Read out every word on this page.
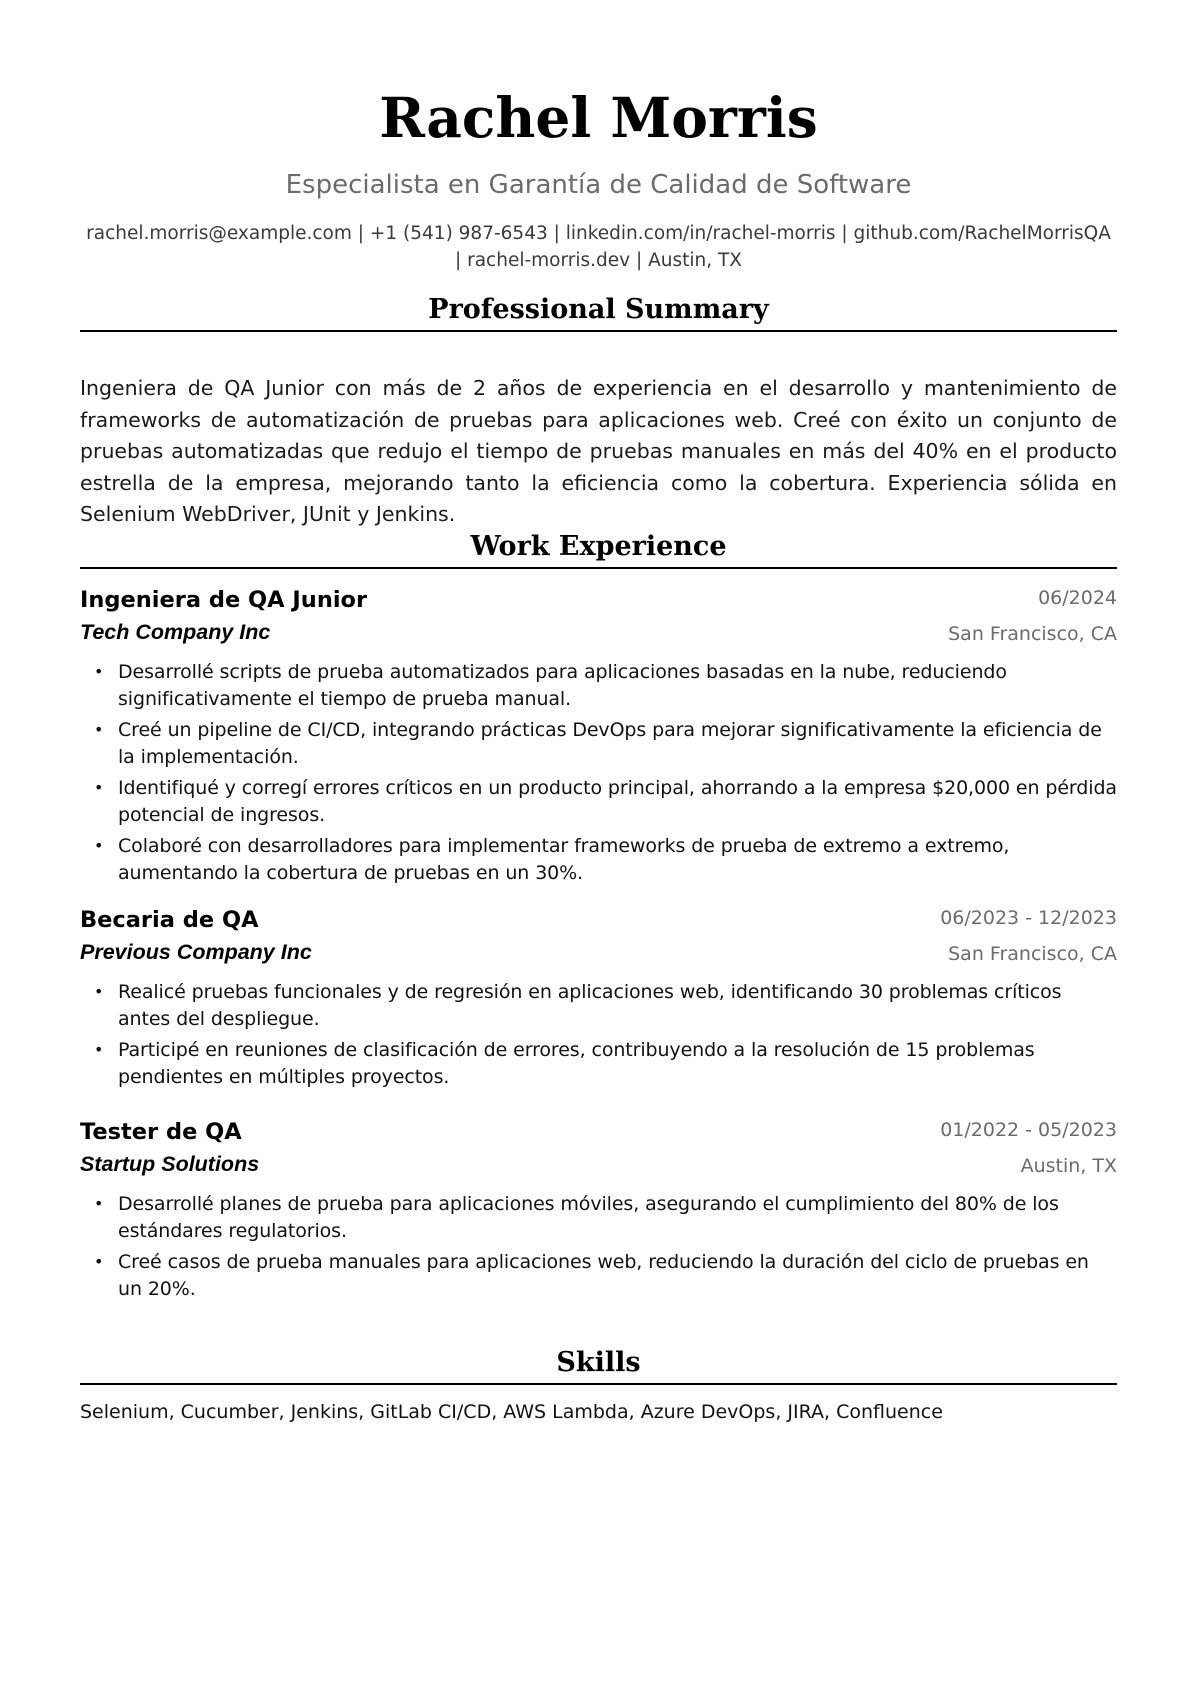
Rachel Morris
Especialista en Garantía de Calidad de Software
rachel.morris@example.com | +1 (541) 987-6543 | linkedin.com/in/rachel-morris | github.com/RachelMorrisQA
| rachel-morris.dev | Austin, TX
Professional Summary
Ingeniera de QA Junior con más de 2 años de experiencia en el desarrollo y mantenimiento de frameworks de automatización de pruebas para aplicaciones web. Creé con éxito un conjunto de pruebas automatizadas que redujo el tiempo de pruebas manuales en más del 40% en el producto estrella de la empresa, mejorando tanto la eficiencia como la cobertura. Experiencia sólida en Selenium WebDriver, JUnit y Jenkins.
Work Experience
Ingeniera de QA Junior	06/2024
Tech Company Inc	San Francisco, CA
• Desarrollé scripts de prueba automatizados para aplicaciones basadas en la nube, reduciendo significativamente el tiempo de prueba manual.
• Creé un pipeline de CI/CD, integrando prácticas DevOps para mejorar significativamente la eficiencia de la implementación.
• Identifiqué y corregí errores críticos en un producto principal, ahorrando a la empresa $20,000 en pérdida potencial de ingresos.
• Colaboré con desarrolladores para implementar frameworks de prueba de extremo a extremo, aumentando la cobertura de pruebas en un 30%.
Becaria de QA	06/2023 - 12/2023
Previous Company Inc	San Francisco, CA
• Realicé pruebas funcionales y de regresión en aplicaciones web, identificando 30 problemas críticos antes del despliegue.
• Participé en reuniones de clasificación de errores, contribuyendo a la resolución de 15 problemas pendientes en múltiples proyectos.
Tester de QA	01/2022 - 05/2023
Startup Solutions	Austin, TX
• Desarrollé planes de prueba para aplicaciones móviles, asegurando el cumplimiento del 80% de los estándares regulatorios.
• Creé casos de prueba manuales para aplicaciones web, reduciendo la duración del ciclo de pruebas en un 20%.
Skills
Selenium, Cucumber, Jenkins, GitLab CI/CD, AWS Lambda, Azure DevOps, JIRA, Confluence
